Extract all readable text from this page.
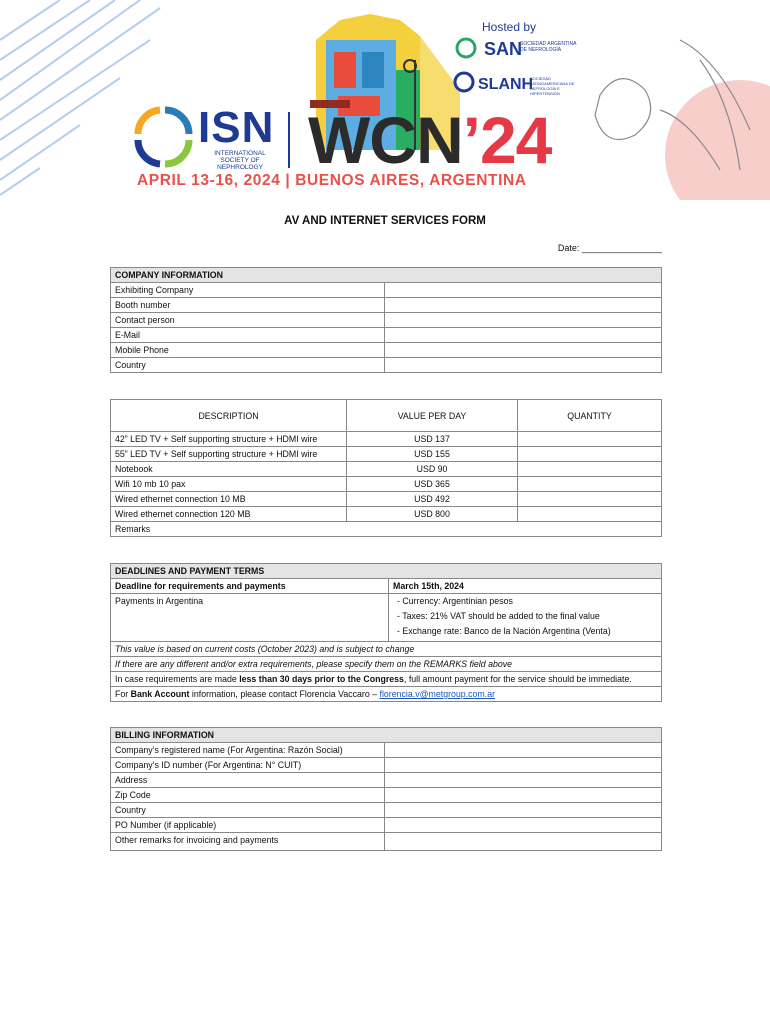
ISN
INTERNATIONAL SOCIETY OF NEPHROLOGY WCN’24
APRIL 13-16, 2024 | BUENOS AIRES, ARGENTINA
Hosted by
SAN
SOCIEDAD ARGENTINA DE NEFROLOGÍA
SLANH
SOCIEDAD LATINOAMERICANA DE NEFROLOGÍA E HIPERTENSIÓN
AV AND INTERNET SERVICES FORM
Date: ________________
COMPANY INFORMATION	
Exhibiting Company	
Booth number	
Contact person	
E-Mail	
Mobile Phone	
Country	
DESCRIPTION	VALUE PER DAY	QUANTITY
42” LED TV + Self supporting structure + HDMI wire	USD 137	
55” LED TV + Self supporting structure + HDMI wire	USD 155	
Notebook	USD 90	
Wifi 10 mb 10 pax	USD 365	
Wired ethernet connection 10 MB	USD 492	
Wired ethernet connection 120 MB	USD 800	
Remarks		
DEADLINES AND PAYMENT TERMS	
Deadline for requirements and payments	March 15th, 2024
Payments in Argentina	- Currency: Argentinian pesos
	- Taxes: 21% VAT should be added to the final value
	- Exchange rate: Banco de la Nación Argentina (Venta)
This value is based on current costs (October 2023) and is subject to change	
If there are any different and/or extra requirements, please specify them on the REMARKS field above	
In case requirements are made less than 30 days prior to the Congress, full amount payment for the service should be immediate.	
For Bank Account information, please contact Florencia Vaccaro – florencia.v@metgroup.com.ar	
BILLING INFORMATION	
Company’s registered name (For Argentina: Razón Social)	
Company’s ID number (For Argentina: N° CUIT)	
Address	
Zip Code	
Country	
PO Number (if applicable)	
Other remarks for invoicing and payments	
